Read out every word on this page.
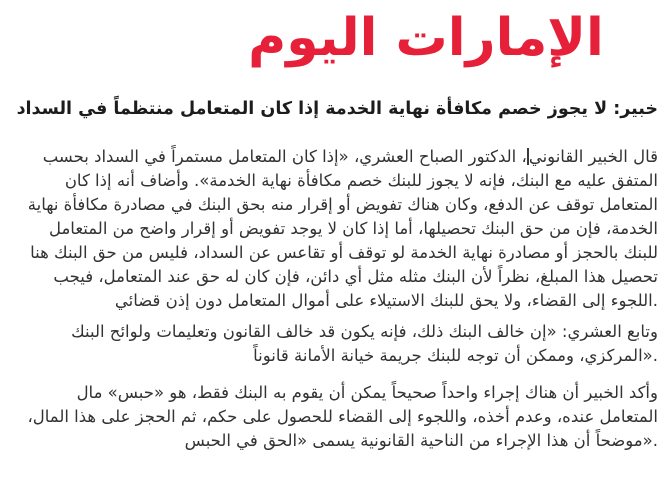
الإمارات اليوم
خبير: لا يجوز خصم مكافأة نهاية الخدمة إذا كان المتعامل منتظماً في السداد

قال الخبير القانوني، الدكتور الصباح العشري، «إذا كان المتعامل مستمراً في السداد بحسب المتفق عليه مع البنك، فإنه لا يجوز للبنك خصم مكافأة نهاية الخدمة». وأضاف أنه إذا كان المتعامل توقف عن الدفع، وكان هناك تفويض أو إقرار منه بحق البنك في مصادرة مكافأة نهاية الخدمة، فإن من حق البنك تحصيلها، أما إذا كان لا يوجد تفويض أو إقرار واضح من المتعامل للبنك بالحجز أو مصادرة نهاية الخدمة لو توقف أو تقاعس عن السداد، فليس من حق البنك هنا تحصيل هذا المبلغ، نظراً لأن البنك مثله مثل أي دائن، فإن كان له حق عند المتعامل، فيجب اللجوء إلى القضاء، ولا يحق للبنك الاستيلاء على أموال المتعامل دون إذن قضائي.

وتابع العشري: «إن خالف البنك ذلك، فإنه يكون قد خالف القانون وتعليمات ولوائح البنك المركزي، وممكن أن توجه للبنك جريمة خيانة الأمانة قانوناً».

وأكد الخبير أن هناك إجراء واحداً صحيحاً يمكن أن يقوم به البنك فقط، هو «حبس» مال المتعامل عنده، وعدم أخذه، واللجوء إلى القضاء للحصول على حكم، ثم الحجز على هذا المال، موضحاً أن هذا الإجراء من الناحية القانونية يسمى «الحق في الحبس».
